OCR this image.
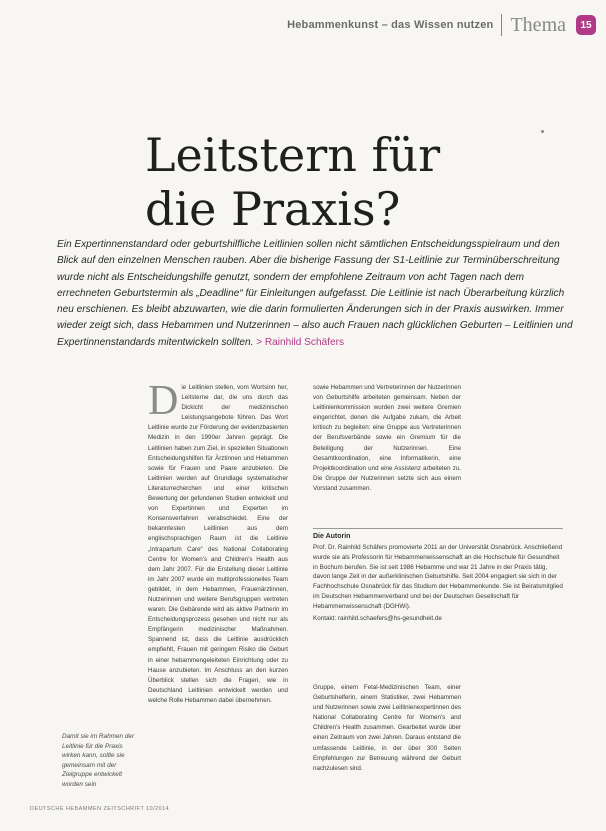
Hebammenkunst – das Wissen nutzen Thema	15
Leitstern für
die Praxis?
Ein Expertinnenstandard oder geburtshilfliche Leitlinien sollen nicht sämtlichen Entscheidungsspielraum und den Blick auf den einzelnen Menschen rauben. Aber die bisherige Fassung der S1-Leitlinie zur Terminüberschreitung wurde nicht als Entscheidungshilfe genutzt, sondern der empfohlene Zeitraum von acht Tagen nach dem errechneten Geburtstermin als „Deadline“ für Einleitungen aufgefasst. Die Leitlinie ist nach Überarbeitung kürzlich neu erschienen. Es bleibt abzuwarten, wie die darin formulierten Änderungen sich in der Praxis auswirken. Immer wieder zeigt sich, dass Hebammen und Nutzerinnen – also auch Frauen nach glücklichen Geburten – Leitlinien und Expertinnenstandards mitentwickeln sollten. > Rainhild Schäfers
D ie Leitlinien stellen, vom Wortsinn her, Leitsterne dar, die uns durch das Dickicht der medizinischen Leistungsangebote führen. Das Wort Leitlinie wurde zur Förderung der evidenzbasierten Medizin in den 1990er Jahren geprägt. Die Leitlinien haben zum Ziel, in speziellen Situationen Entscheidungshilfen für Ärztinnen und Hebammen sowie für Frauen und Paare anzubieten. Die Leitlinien werden auf Grundlage systematischer Literaturrecherchen und einer kritischen Bewertung der gefundenen Studien entwickelt und von Expertinnen und Experten im Konsensverfahren verabschiedet. Eine der bekanntesten Leitlinien aus dem englischsprachigen Raum ist die Leitlinie „Intrapartum Care“ des National Collaborating Centre for Women’s and Children’s Health aus dem Jahr 2007. Für die Erstellung dieser Leitlinie im Jahr 2007 wurde ein multiprofessionelles Team gebildet, in dem Hebammen, Frauenärztinnen, Nutzerinnen und weitere Berufsgruppen vertreten waren. Die Gebärende wird als aktive Partnerin im Entscheidungsprozess gesehen und nicht nur als Empfängerin medizinischer Maßnahmen. Spannend ist, dass die Leitlinie ausdrücklich empfiehlt, Frauen mit geringem Risiko die Geburt in einer hebammengeleiteten Einrichtung oder zu Hause anzubieten. Im Anschluss an den kurzen Überblick stellen sich die Fragen, wie in Deutschland Leitlinien entwickelt werden und welche Rolle Hebammen dabei übernehmen.
sowie Hebammen und Vertreterinnen der Nutzerinnen von Geburtshilfe arbeiteten gemeinsam. Neben der Leitlinienkommission wurden zwei weitere Gremien eingerichtet, denen die Aufgabe zukam, die Arbeit kritisch zu begleiten: eine Gruppe aus Vertreterinnen der Berufsverbände sowie ein Gremium für die Beteiligung der Nutzerinnen. Eine Gesamtkoordination, eine Informatikerin, eine Projektkoordination und eine Assistenz arbeiteten zu. Die Gruppe der Nutzerinnen setzte sich aus einem Vorstand zusammen.
Die Autorin
Prof. Dr. Rainhild Schäfers promovierte 2011 an der Universität Osnabrück. Anschließend wurde sie als Professorin für Hebammenwissenschaft an die Hochschule für Gesundheit in Bochum berufen. Sie ist seit 1986 Hebamme und war 21 Jahre in der Praxis tätig, davon lange Zeit in der außerklinischen Geburtshilfe. Seit 2004 engagiert sie sich in der Fachhochschule Osnabrück für das Studium der Hebammenkunde. Sie ist Beiratsmitglied im Deutschen Hebammenverband und bei der Deutschen Gesellschaft für Hebammenwissenschaft (DGHWi).
Kontakt: rainhild.schaefers@hs-gesundheit.de
Gruppe, einem Fetal-Medizinischen Team, einer Geburtshelferin, einem Statistiker, zwei Hebammen und Nutzerinnen sowie zwei Leitlinienexpertinnen des National Collaborating Centre for Women’s and Children’s Health zusammen. Gearbeitet wurde über einen Zeitraum von zwei Jahren. Daraus entstand die umfassende Leitlinie, in der über 300 Seiten Empfehlungen zur Betreuung während der Geburt nachzulesen sind.
Damit sie im Rahmen der Leitlinie für die Praxis wirken kann, sollte sie gemeinsam mit der Zielgruppe entwickelt worden sein
DEUTSCHE HEBAMMEN ZEITSCHRIFT 10/2014
